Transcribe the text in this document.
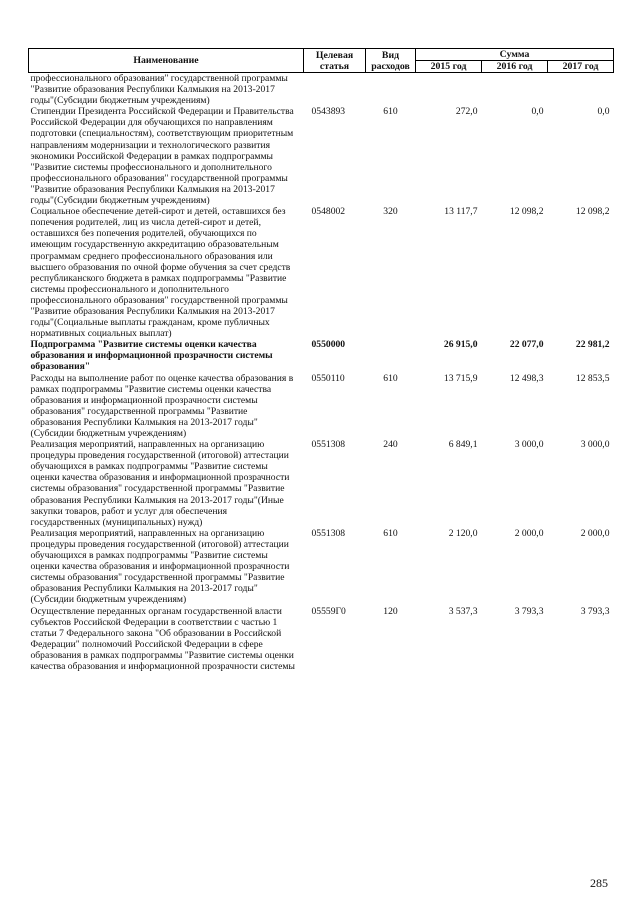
Наименование	Целевая статья	Вид расходов	Сумма		
			2015 год	2016 год	2017 год
профессионального образования" государственной программы "Развитие образования Республики Калмыкия на 2013-2017 годы"(Субсидии бюджетным учреждениям)					
Стипендии Президента Российской Федерации и Правительства Российской Федерации для обучающихся по направлениям подготовки (специальностям), соответствующим приоритетным направлениям модернизации и технологического развития экономики Российской Федерации в рамках подпрограммы "Развитие системы профессионального и дополнительного профессионального образования" государственной программы "Развитие образования Республики Калмыкия на 2013-2017 годы"(Субсидии бюджетным учреждениям)	0543893	610	272,0	0,0	0,0
Социальное обеспечение детей-сирот и детей, оставшихся без попечения родителей, лиц из числа детей-сирот и детей, оставшихся без попечения родителей, обучающихся по имеющим государственную аккредитацию образовательным программам среднего профессионального образования или высшего образования по очной форме обучения за счет средств республиканского бюджета в рамках подпрограммы "Развитие системы профессионального и дополнительного профессионального образования" государственной программы "Развитие образования Республики Калмыкия на 2013-2017 годы"(Социальные выплаты гражданам, кроме публичных нормативных социальных выплат)	0548002	320	13 117,7	12 098,2	12 098,2
Подпрограмма "Развитие системы оценки качества образования и информационной прозрачности системы образования"	0550000		26 915,0	22 077,0	22 981,2
Расходы на выполнение работ по оценке качества образования в рамках подпрограммы "Развитие системы оценки качества образования и информационной прозрачности системы образования" государственной программы "Развитие образования Республики Калмыкия на 2013-2017 годы"(Субсидии бюджетным учреждениям)	0550110	610	13 715,9	12 498,3	12 853,5
Реализация мероприятий, направленных на организацию процедуры проведения государственной (итоговой) аттестации обучающихся в рамках подпрограммы "Развитие системы оценки качества образования и информационной прозрачности системы образования" государственной программы "Развитие образования Республики Калмыкия на 2013-2017 годы"(Иные закупки товаров, работ и услуг для обеспечения государственных (муниципальных) нужд)	0551308	240	6 849,1	3 000,0	3 000,0
Реализация мероприятий, направленных на организацию процедуры проведения государственной (итоговой) аттестации обучающихся в рамках подпрограммы "Развитие системы оценки качества образования и информационной прозрачности системы образования" государственной программы "Развитие образования Республики Калмыкия на 2013-2017 годы"(Субсидии бюджетным учреждениям)	0551308	610	2 120,0	2 000,0	2 000,0
Осуществление переданных органам государственной власти субъектов Российской Федерации в соответствии с частью 1 статьи 7 Федерального закона "Об образовании в Российской Федерации" полномочий Российской Федерации в сфере образования в рамках подпрограммы "Развитие системы оценки качества образования и информационной прозрачности системы	05559Г0	120	3 537,3	3 793,3	3 793,3
285
